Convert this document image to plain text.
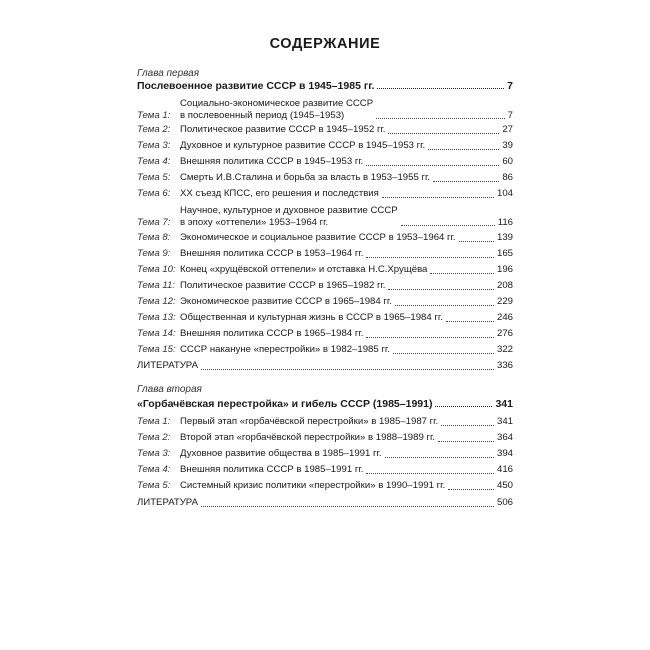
СОДЕРЖАНИЕ
Глава первая
Послевоенное развитие СССР в 1945–1985 гг.	7
Тема 1:
Социально-экономическое развитие СССР
в послевоенный период (1945–1953)	7
Тема 2:	Политическое развитие СССР в 1945–1952 гг.	27
Тема 3:	Духовное и культурное развитие СССР в 1945–1953 гг.	39
Тема 4:	Внешняя политика СССР в 1945–1953 гг.	60
Тема 5:	Смерть И.В.Сталина и борьба за власть в 1953–1955 гг.	86
Тема 6:	XX съезд КПСС, его решения и последствия	104
Тема 7:
Научное, культурное и духовное развитие СССР
в эпоху «оттепели» 1953–1964 гг.	116
Тема 8:	Экономическое и социальное развитие СССР в 1953–1964 гг.	139
Тема 9:	Внешняя политика СССР в 1953–1964 гг.	165
Тема 10: Конец «хрущёвской оттепели» и отставка Н.С.Хрущёва	196
Тема 11: Политическое развитие СССР в 1965–1982 гг.	208
Тема 12: Экономическое развитие СССР в 1965–1984 гг.	229
Тема 13: Общественная и культурная жизнь в СССР в 1965–1984 гг.	246
Тема 14: Внешняя политика СССР в 1965–1984 гг.	276
Тема 15: СССР накануне «перестройки» в 1982–1985 гг.	322
ЛИТЕРАТУРА	336
Глава вторая
«Горбачёвская перестройка» и гибель СССР (1985–1991)	341
Тема 1:	Первый этап «горбачёвской перестройки» в 1985–1987 гг.	341
Тема 2:	Второй этап «горбачёвской перестройки» в 1988–1989 гг.	364
Тема 3:	Духовное развитие общества в 1985–1991 гг.	394
Тема 4:	Внешняя политика СССР в 1985–1991 гг.	416
Тема 5:	Системный кризис политики «перестройки» в 1990–1991 гг.	450
ЛИТЕРАТУРА	506
